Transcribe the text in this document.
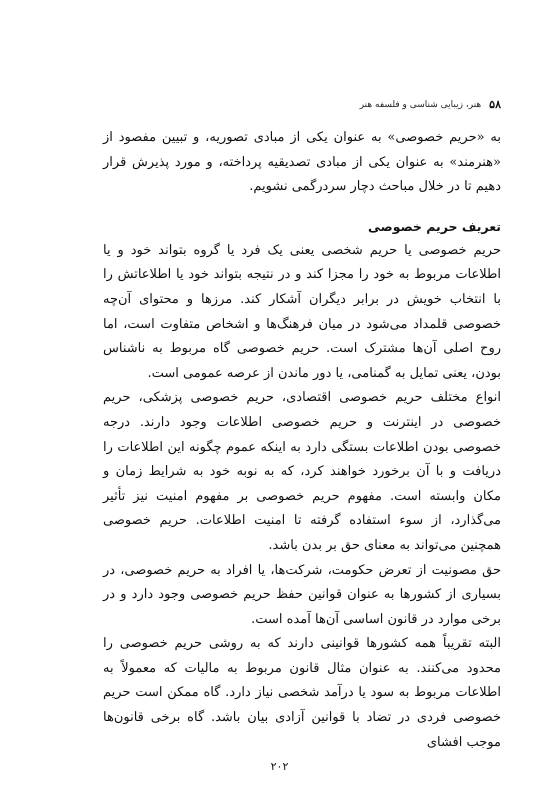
۵۸
هنر، زیبایی شناسی و فلسفه هنر

به «حریم خصوصی» به عنوان یکی از مبادی تصوریه، و تبیین مفصود از «هنرمند» به عنوان یکی از مبادی تصدیقیه پرداخته، و مورد پذیرش قرار دهیم تا در خلال مباحث دچار سردرگمی نشویم.

تعریف حریم خصوصی

حریم خصوصی یا حریم شخصی یعنی یک فرد یا گروه بتواند خود و یا اطلاعات مربوط به خود را مجزا کند و در نتیجه بتواند خود یا اطلاعاتش را با انتخاب خویش در برابر دیگران آشکار کند. مرزها و محتوای آن‌چه خصوصی قلمداد می‌شود در میان فرهنگ‌ها و اشخاص متفاوت است، اما روح اصلی آن‌ها مشترک است. حریم خصوصی گاه مربوط به ناشناس بودن، یعنی تمایل به گمنامی، یا دور ماندن از عرصه عمومی است.

انواع مختلف حریم خصوصی اقتصادی، حریم خصوصی پزشکی، حریم خصوصی در اینترنت و حریم خصوصی اطلاعات وجود دارند. درجه خصوصی بودن اطلاعات بستگی دارد به اینکه عموم چگونه این اطلاعات را دریافت و با آن برخورد خواهند کرد، که به نوبه خود به شرایط زمان و مکان وابسته است. مفهوم حریم خصوصی بر مفهوم امنیت نیز تأثیر می‌گذارد، از سوء استفاده گرفته تا امنیت اطلاعات. حریم خصوصی همچنین می‌تواند به معنای حق بر بدن باشد.

حق مصونیت از تعرض حکومت، شرکت‌ها، یا افراد به حریم خصوصی، در بسیاری از کشورها به عنوان قوانین حفظ حریم خصوصی وجود دارد و در برخی موارد در قانون اساسی آن‌ها آمده است.

البته تقریباً همه کشورها قوانینی دارند که به روشی حریم خصوصی را محدود می‌کنند. به عنوان مثال قانون مربوط به مالیات که معمولاً به اطلاعات مربوط به سود یا درآمد شخصی نیاز دارد. گاه ممکن است حریم خصوصی فردی در تضاد با قوانین آزادی بیان باشد. گاه برخی قانون‌ها موجب افشای

۲۰۲
